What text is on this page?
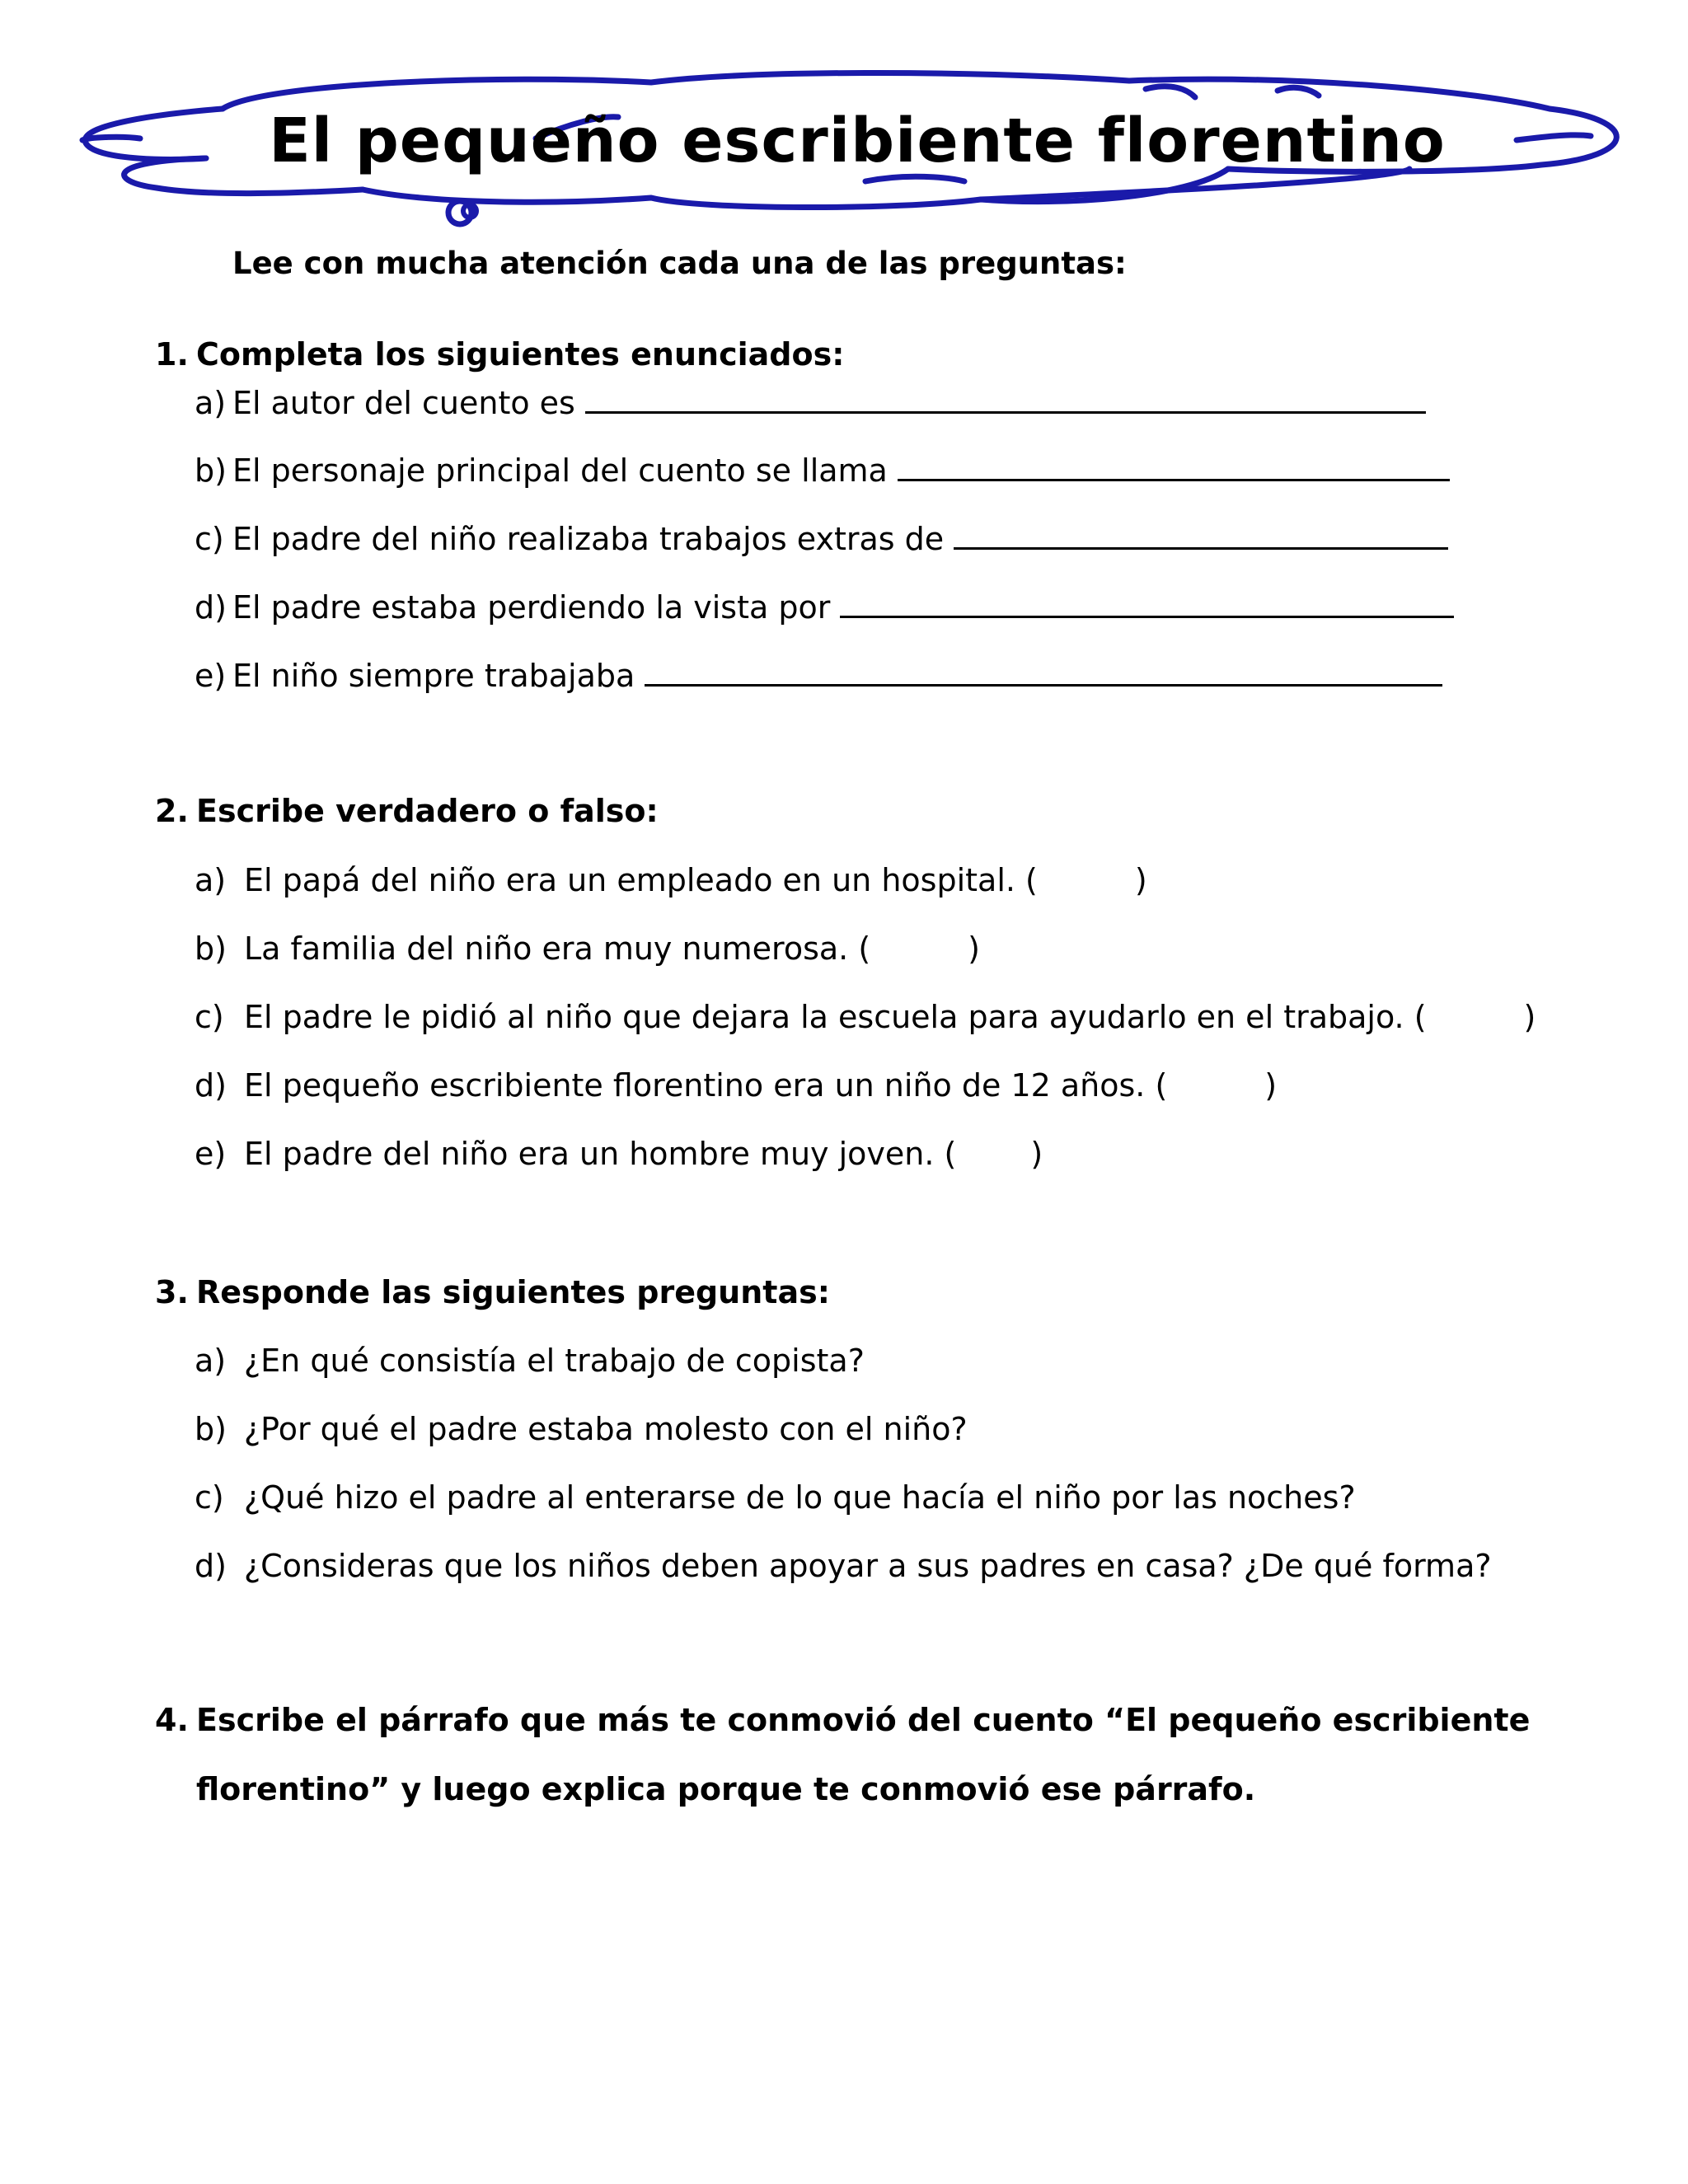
El pequeño escribiente florentino
Lee con mucha atención cada una de las preguntas:
1. Completa los siguientes enunciados:
a) El autor del cuento es
b) El personaje principal del cuento se llama
c) El padre del niño realizaba trabajos extras de
d) El padre estaba perdiendo la vista por
e) El niño siempre trabajaba
2. Escribe verdadero o falso:
a) El papá del niño era un empleado en un hospital. (	)
b) La familia del niño era muy numerosa. (	)
c) El padre le pidió al niño que dejara la escuela para ayudarlo en el trabajo. (	)
d) El pequeño escribiente florentino era un niño de 12 años. (	)
e) El padre del niño era un hombre muy joven. ( )
3. Responde las siguientes preguntas:
a) ¿En qué consistía el trabajo de copista?
b) ¿Por qué el padre estaba molesto con el niño?
c) ¿Qué hizo el padre al enterarse de lo que hacía el niño por las noches?
d) ¿Consideras que los niños deben apoyar a sus padres en casa? ¿De qué forma?
4. Escribe el párrafo que más te conmovió del cuento “El pequeño escribiente
florentino” y luego explica porque te conmovió ese párrafo.
